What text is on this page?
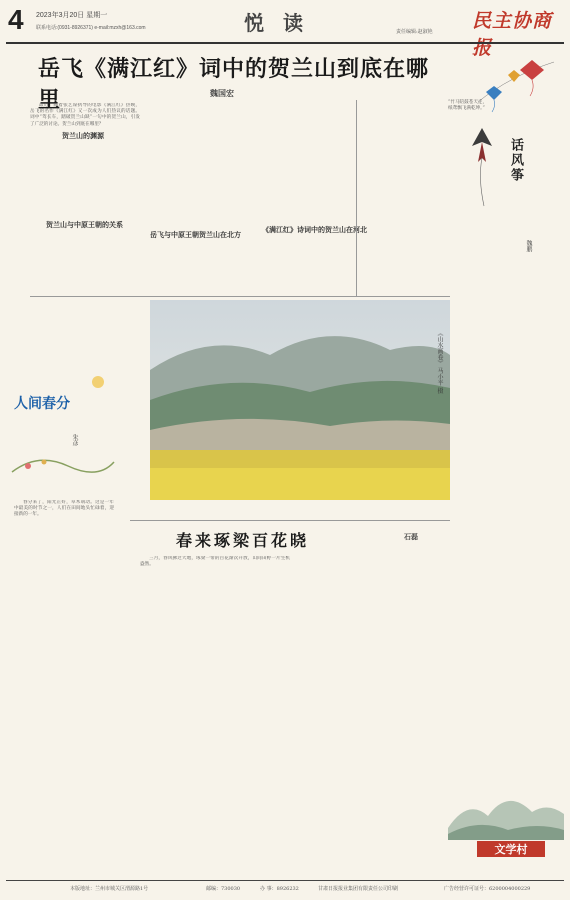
4 2023年3月20日 星期一
联系电话:(0931-8926371) e-mail:mzxh@163.com	悦 读	责任编辑:赵淑艳 民主协商报
岳飞《满江红》词中的贺兰山到底在哪里	魏国宏
贺兰山的渊源
贺兰山与中原王朝的关系
岳飞与中原王朝贺兰山在北方
《满江红》诗词中的贺兰山在河北

最近，随着张艺谋执导的电影《满江红》热映，岳飞的名作《满江红》又一次成为人们热议的话题。词中“驾长车，踏破贺兰山缺”一句中的贺兰山，引发了广泛的讨论。贺兰山到底在哪里？

“竹马陪鼓苍天走，纸鸢飘飞满乾坤。”
话风筝
魏鹏
人间春分
朱彦

春分来了，阳光正好，草木萌动。这是一年中最美的时节之一，人们在田间地头忙碌着，迎接新的一年。

《山水画卷》 马小平 摄
春来琢梁百花晓	石磊

三月，春风拂过大地，琢梁一带的百花渐次开放，山间田野一片生机盎然。

文学村
本版地址：兰州市城关区渭源路1号	邮编：730030	办 事：8926232	甘肃日报报业集团有限责任公司印刷	广告经营许可证号：6200004000229
